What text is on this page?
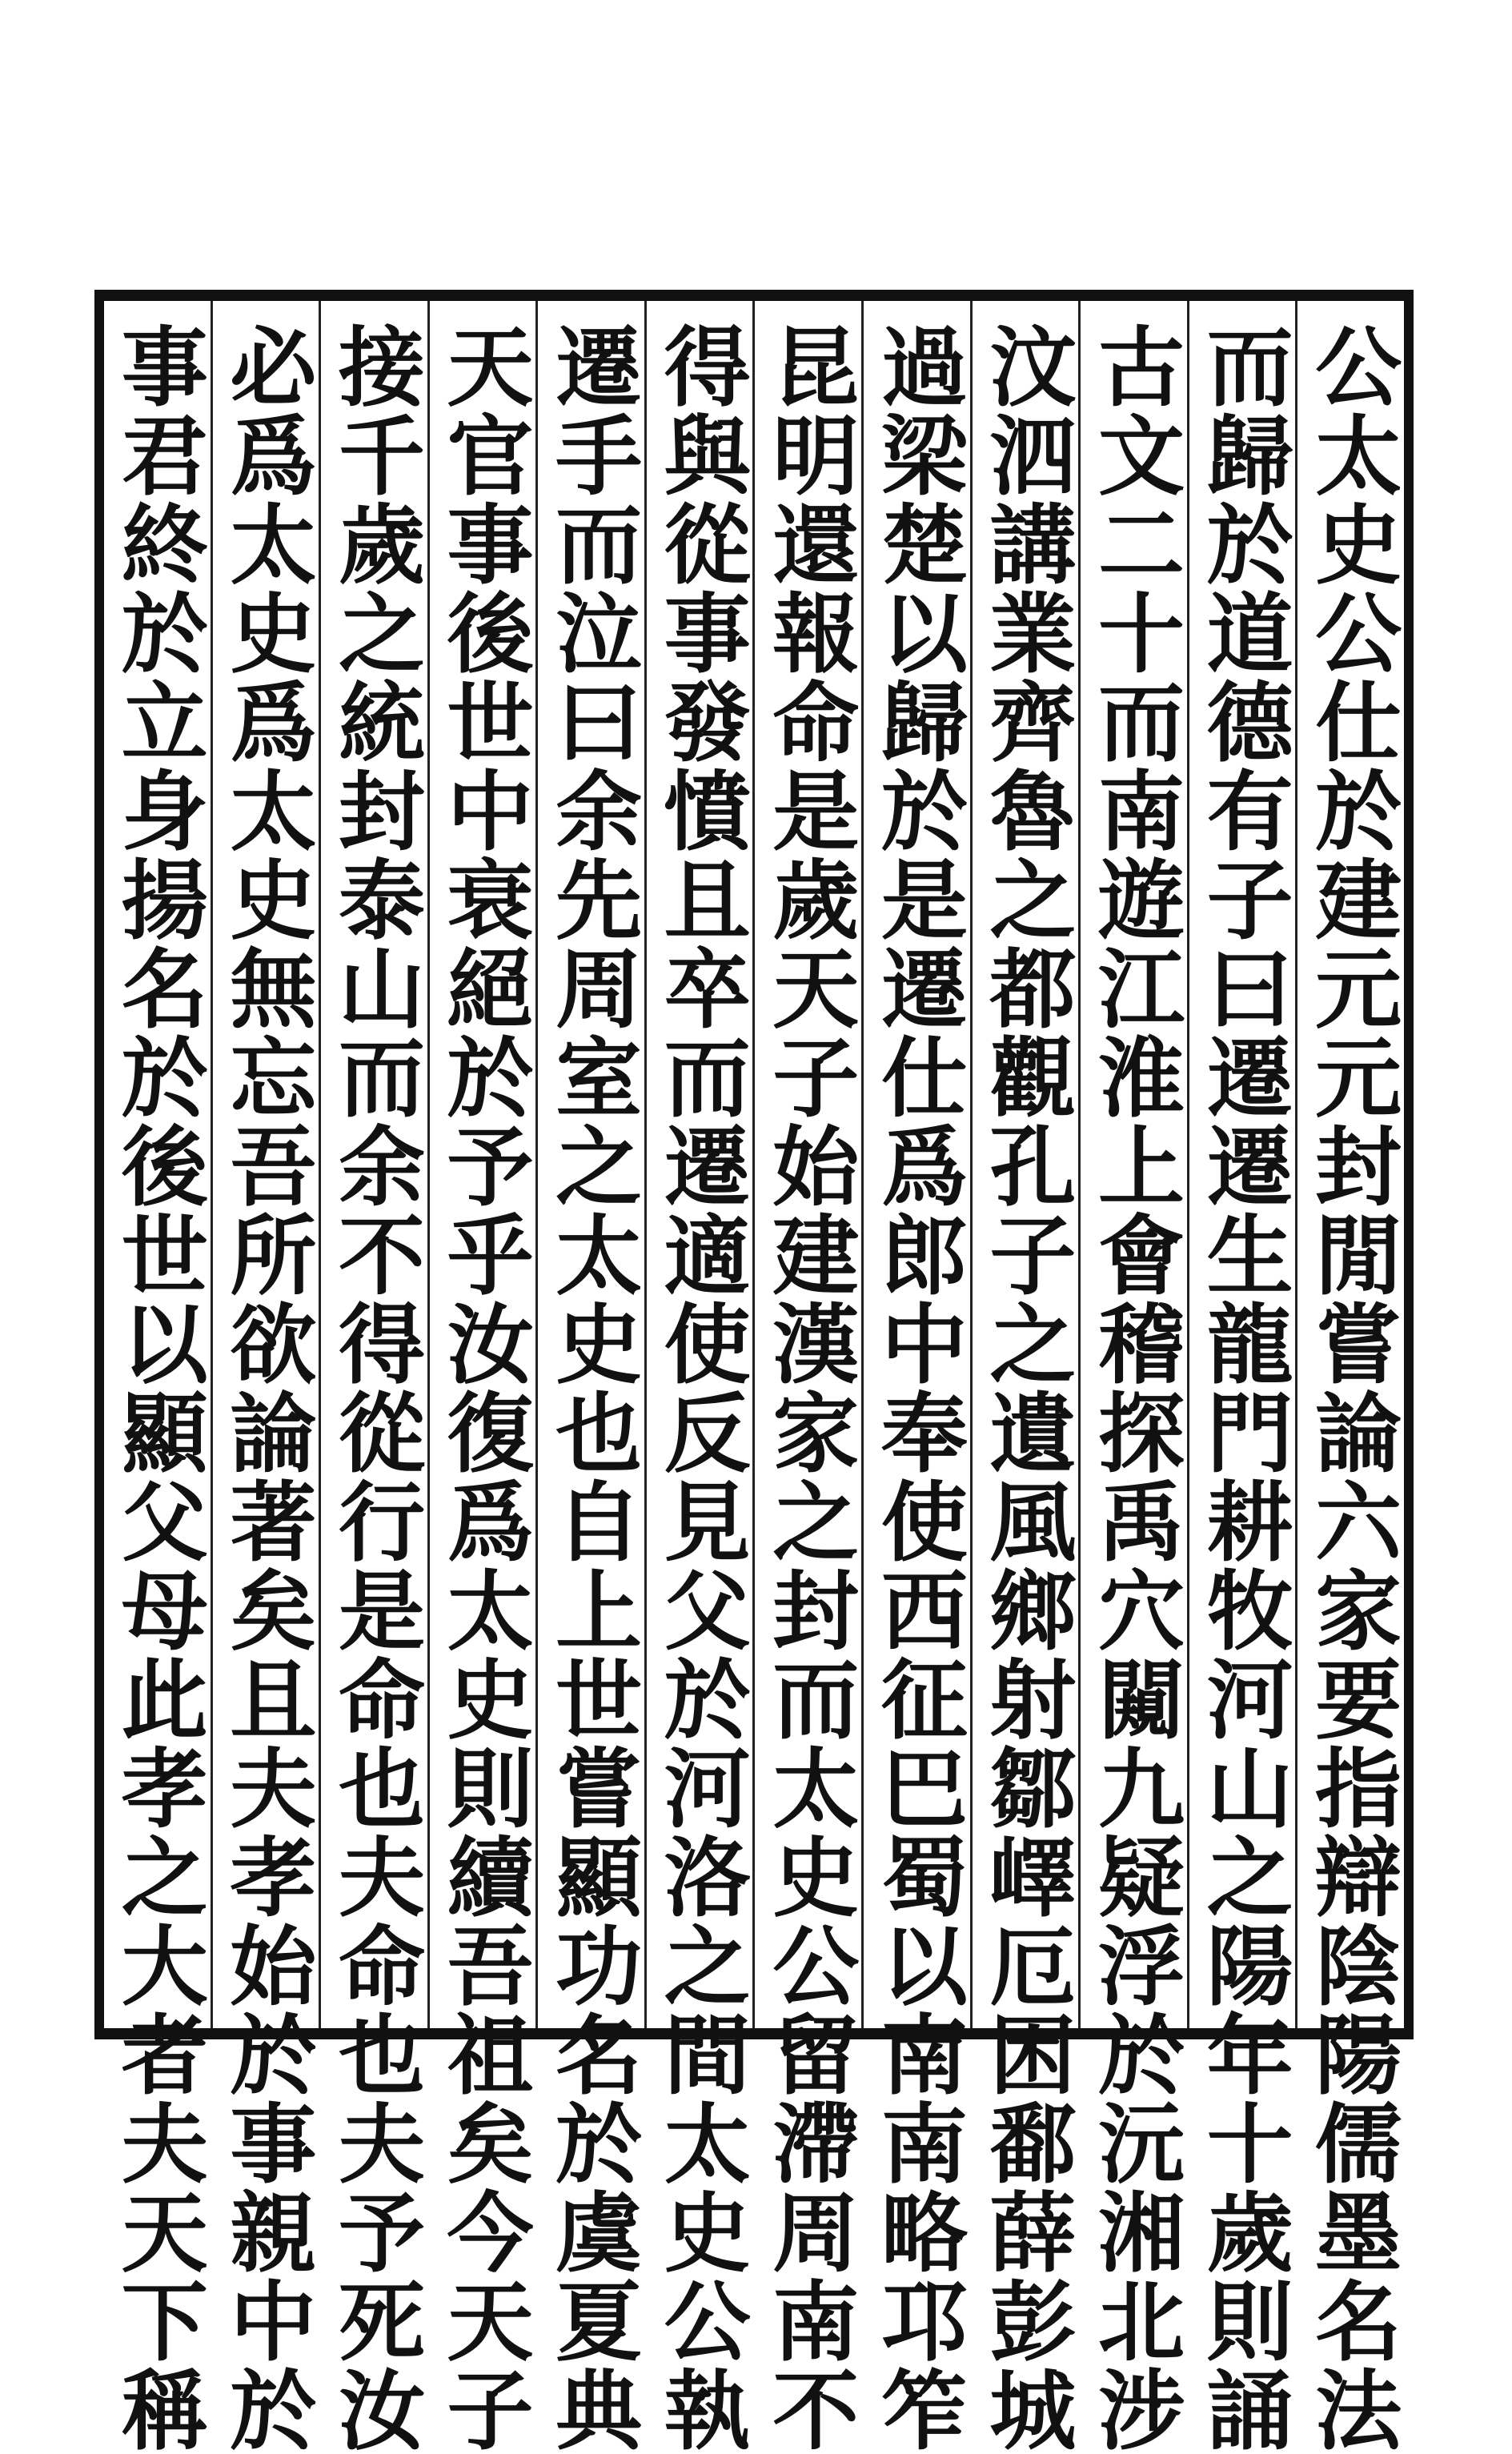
公太史公仕於建元元封閒嘗論六家要指辯陰陽儒墨名法
而歸於道德有子曰遷遷生龍門耕牧河山之陽年十歲則誦
古文二十而南遊江淮上會稽探禹穴闚九疑浮於沅湘北涉
汶泗講業齊魯之都觀孔子之遺風鄉射鄒嶧厄困鄱薛彭城
過梁楚以歸於是遷仕爲郎中奉使西征巴蜀以南南略邛笮
昆明還報命是歲天子始建漢家之封而太史公留滯周南不
得與從事發憤且卒而遷適使反見父於河洛之間太史公執
遷手而泣曰余先周室之太史也自上世嘗顯功名於虞夏典
天官事後世中衰絕於予乎汝復爲太史則續吾祖矣今天子
接千歲之統封泰山而余不得從行是命也夫命也夫予死汝
必爲太史爲太史無忘吾所欲論著矣且夫孝始於事親中於
事君終於立身揚名於後世以顯父母此孝之大者夫天下稱
